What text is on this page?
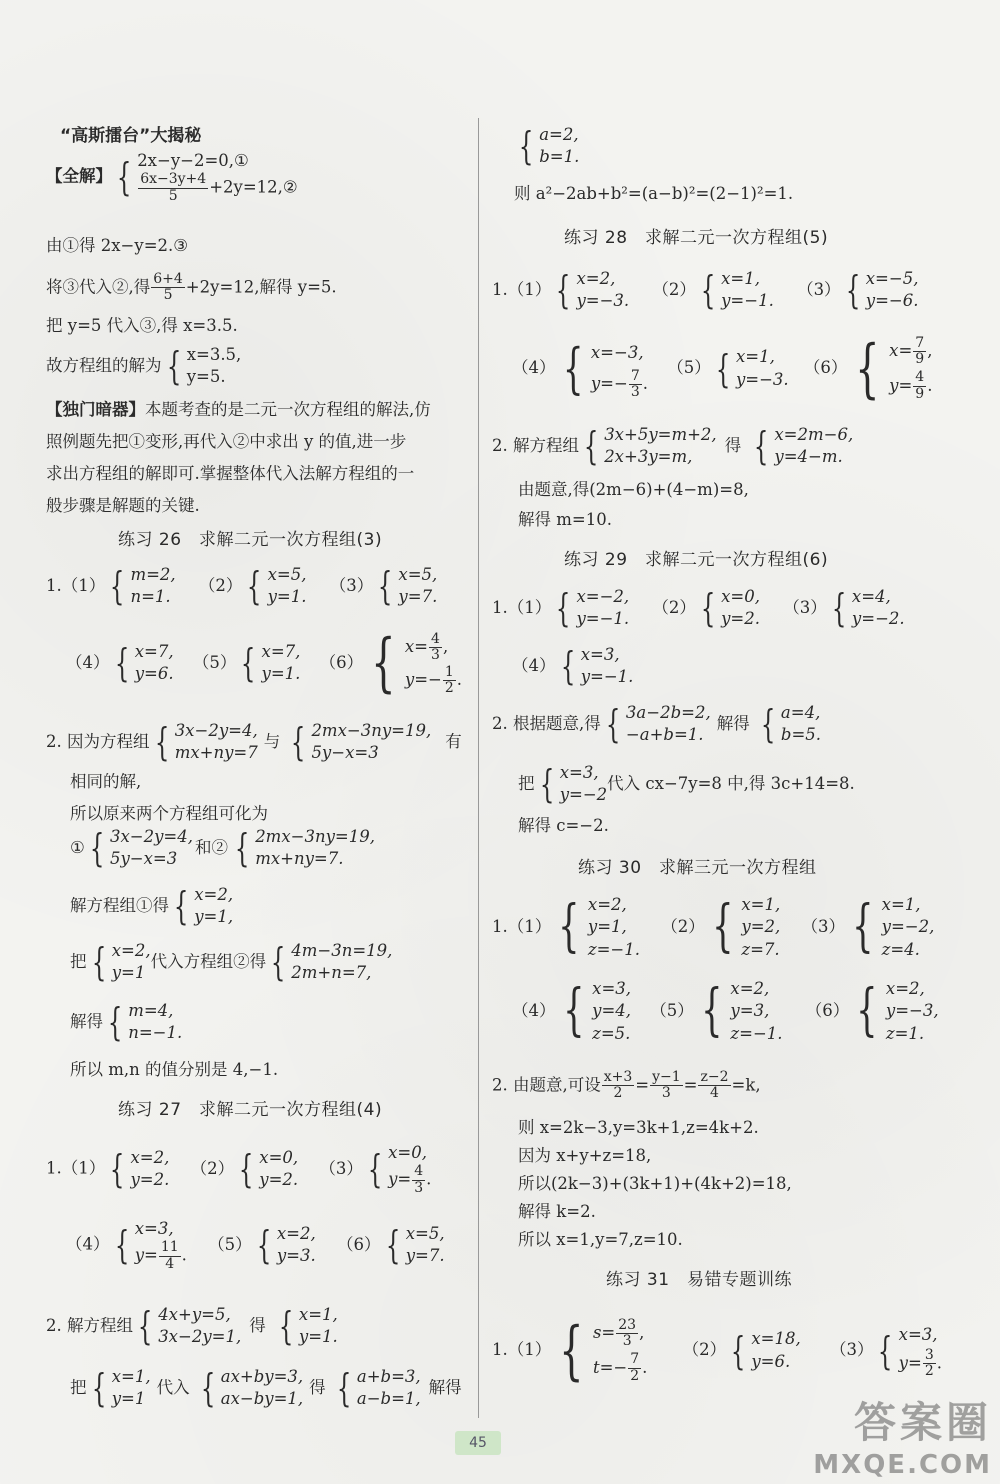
“高斯擂台”大揭秘
【全解】 { 2x−y−2=0,①
$\frac{6x-3y+4}{5}$ +2y=12,②
由①得 2x−y=2.③
将③代入②,得 $\frac{6+4}{5} +2y=12$,解得 y=5.
把 y=5 代入③,得 x=3.5.
故方程组的解为 { x=3.5,
y=5.
【独门暗器】本题考查的是二元一次方程组的解法,仿
照例题先把①变形,再代入②中求出 y 的值,进一步
求出方程组的解即可.掌握整体代入法解方程组的一
般步骤是解题的关键.
练习 26　求解二元一次方程组(3)
1.（1） { m=2,
n=1.
（2） { x=5,
y=1.
（3） { x=5,
y=7.
（4） { x=7,
y=6.
（5） { x=7,
y=1.
（6） { $x= \frac{4}{3}$ ,
$y=- \frac{1}{2}$ .
2. 因为方程组 { 3x−2y=4,
mx+ny=7
与 { 2mx−3ny=19,
5y−x=3
有
相同的解,
所以原来两个方程组可化为
① { 3x−2y=4,
5y−x=3
和② { 2mx−3ny=19,
mx+ny=7.
解方程组①得 { x=2,
y=1,
把 { x=2,
y=1
代入方程组②得 { 4m−3n=19,
2m+n=7,
解得 { m=4,
n=−1.
所以 m,n 的值分别是 4,−1.
练习 27　求解二元一次方程组(4)
1.（1） { x=2,
y=2.
（2） { x=0,
y=2.
（3） { x=0,
$y= \frac{4}{3}$ .
（4） { x=3,
$y= \frac{11}{4}$ .
（5） { x=2,
y=3.
（6） { x=5,
y=7.
2. 解方程组 { 4x+y=5,
3x−2y=1,
得 { x=1,
y=1.
把 { x=1,
y=1
代入 { ax+by=3,
ax−by=1,
得 { a+b=3,
a−b=1,
解得
{ a=2,
b=1.
则 a²−2ab+b²=(a−b)²=(2−1)²=1.
练习 28　求解二元一次方程组(5)
1.（1） { x=2,
y=−3.
（2） { x=1,
y=−1.
（3） { x=−5,
y=−6.
（4） { x=−3,
$y=- \frac{7}{3}$ .
（5） { x=1,
y=−3.
（6） { $x= \frac{7}{9}$ ,
$y= \frac{4}{9}$ .
2. 解方程组 { 3x+5y=m+2,
2x+3y=m,
得 { x=2m−6,
y=4−m.
由题意,得(2m−6)+(4−m)=8,
解得 m=10.
练习 29　求解二元一次方程组(6)
1.（1） { x=−2,
y=−1.
（2） { x=0,
y=2.
（3） { x=4,
y=−2.
（4） { x=3,
y=−1.
2. 根据题意,得 { 3a−2b=2,
−a+b=1.
解得 { a=4,
b=5.
把 { x=3,
y=−2
代入 cx−7y=8 中,得 3c+14=8.
解得 c=−2.
练习 30　求解三元一次方程组
1.（1） { x=2,
y=1,
z=−1.
（2） { x=1,
y=2,
z=7.
（3） { x=1,
y=−2,
z=4.
（4） { x=3,
y=4,
z=5.
（5） { x=2,
y=3,
z=−1.
（6） { x=2,
y=−3,
z=1.
2. 由题意,可设 $\frac{x+3}{2} = \frac{y-1}{3} = \frac{z-2}{4} =k$,
则 x=2k−3,y=3k+1,z=4k+2.
因为 x+y+z=18,
所以(2k−3)+(3k+1)+(4k+2)=18,
解得 k=2.
所以 x=1,y=7,z=10.
练习 31　易错专题训练
1.（1） { $s= \frac{23}{3}$ ,
$t=- \frac{7}{2}$ .
（2） { x=18,
y=6.
（3） { x=3,
$y= \frac{3}{2}$ .
45	答案圈
MXQE.COM
